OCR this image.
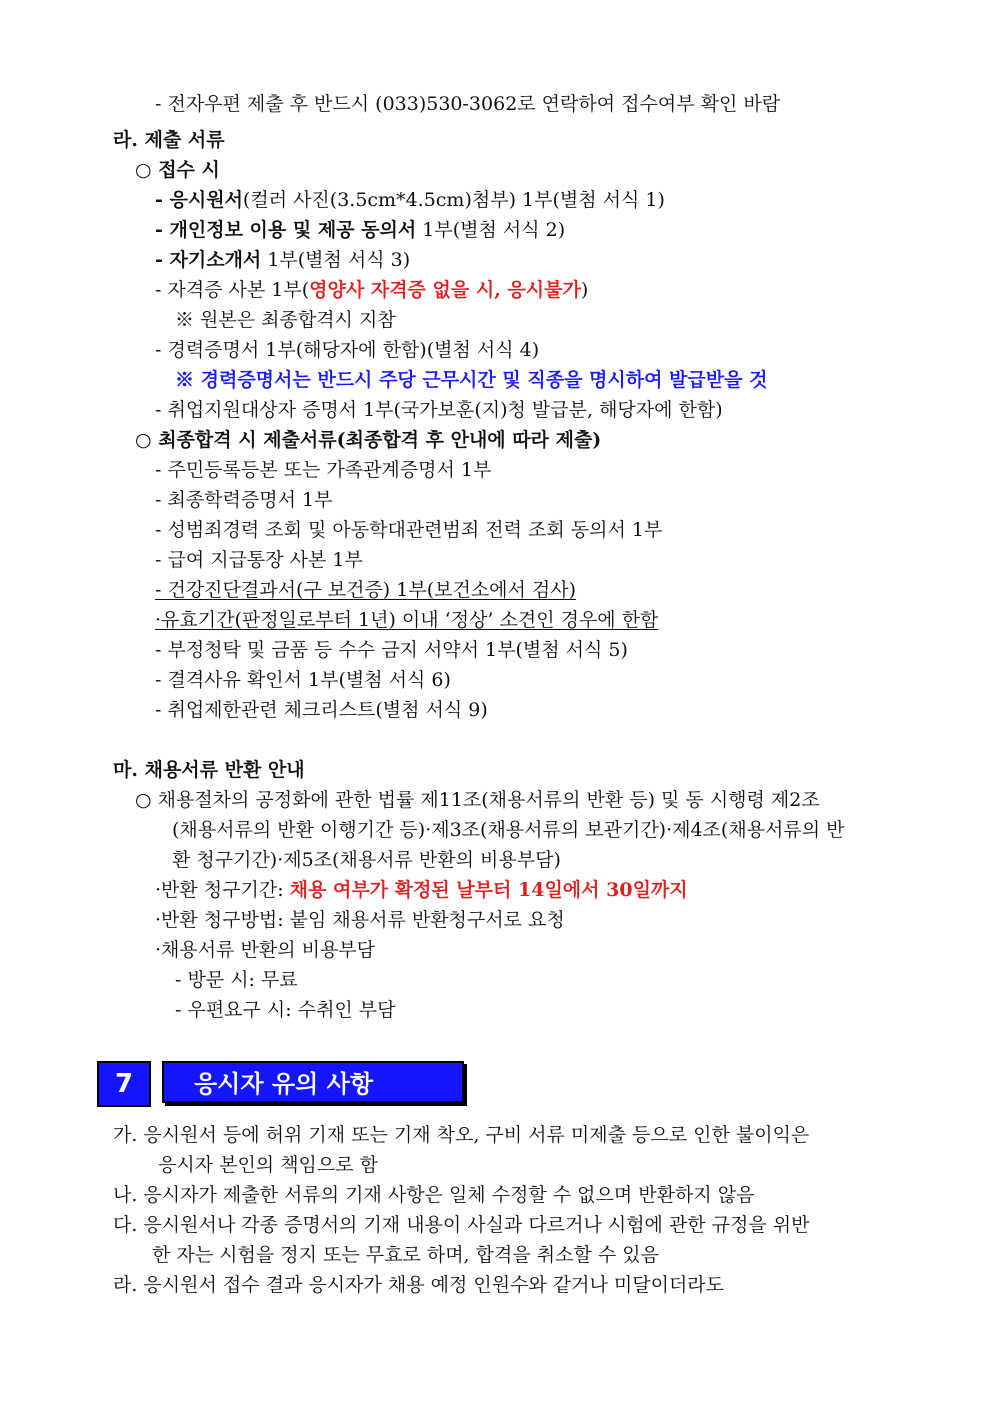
- 전자우편 제출 후 반드시 (033)530-3062로 연락하여 접수여부 확인 바람
라. 제출 서류
○ 접수 시
- 응시원서(컬러 사진(3.5cm*4.5cm)첨부) 1부(별첨 서식 1)
- 개인정보 이용 및 제공 동의서 1부(별첨 서식 2)
- 자기소개서 1부(별첨 서식 3)
- 자격증 사본 1부(영양사 자격증 없을 시, 응시불가)
※ 원본은 최종합격시 지참
- 경력증명서 1부(해당자에 한함)(별첨 서식 4)
※ 경력증명서는 반드시 주당 근무시간 및 직종을 명시하여 발급받을 것
- 취업지원대상자 증명서 1부(국가보훈(지)청 발급분, 해당자에 한함)
○ 최종합격 시 제출서류(최종합격 후 안내에 따라 제출)
- 주민등록등본 또는 가족관계증명서 1부
- 최종학력증명서 1부
- 성범죄경력 조회 및 아동학대관련범죄 전력 조회 동의서 1부
- 급여 지급통장 사본 1부
- 건강진단결과서(구 보건증) 1부(보건소에서 검사)
·유효기간(판정일로부터 1년) 이내 ‘정상’ 소견인 경우에 한함
- 부정청탁 및 금품 등 수수 금지 서약서 1부(별첨 서식 5)
- 결격사유 확인서 1부(별첨 서식 6)
- 취업제한관련 체크리스트(별첨 서식 9)
마. 채용서류 반환 안내
○ 채용절차의 공정화에 관한 법률 제11조(채용서류의 반환 등) 및 동 시행령 제2조
(채용서류의 반환 이행기간 등)·제3조(채용서류의 보관기간)·제4조(채용서류의 반
환 청구기간)·제5조(채용서류 반환의 비용부담)
·반환 청구기간: 채용 여부가 확정된 날부터 14일에서 30일까지
·반환 청구방법: 붙임 채용서류 반환청구서로 요청
·채용서류 반환의 비용부담
- 방문 시: 무료
- 우편요구 시: 수취인 부담
7	응시자 유의 사항
가. 응시원서 등에 허위 기재 또는 기재 착오, 구비 서류 미제출 등으로 인한 불이익은
응시자 본인의 책임으로 함
나. 응시자가 제출한 서류의 기재 사항은 일체 수정할 수 없으며 반환하지 않음
다. 응시원서나 각종 증명서의 기재 내용이 사실과 다르거나 시험에 관한 규정을 위반
한 자는 시험을 정지 또는 무효로 하며, 합격을 취소할 수 있음
라. 응시원서 접수 결과 응시자가 채용 예정 인원수와 같거나 미달이더라도
